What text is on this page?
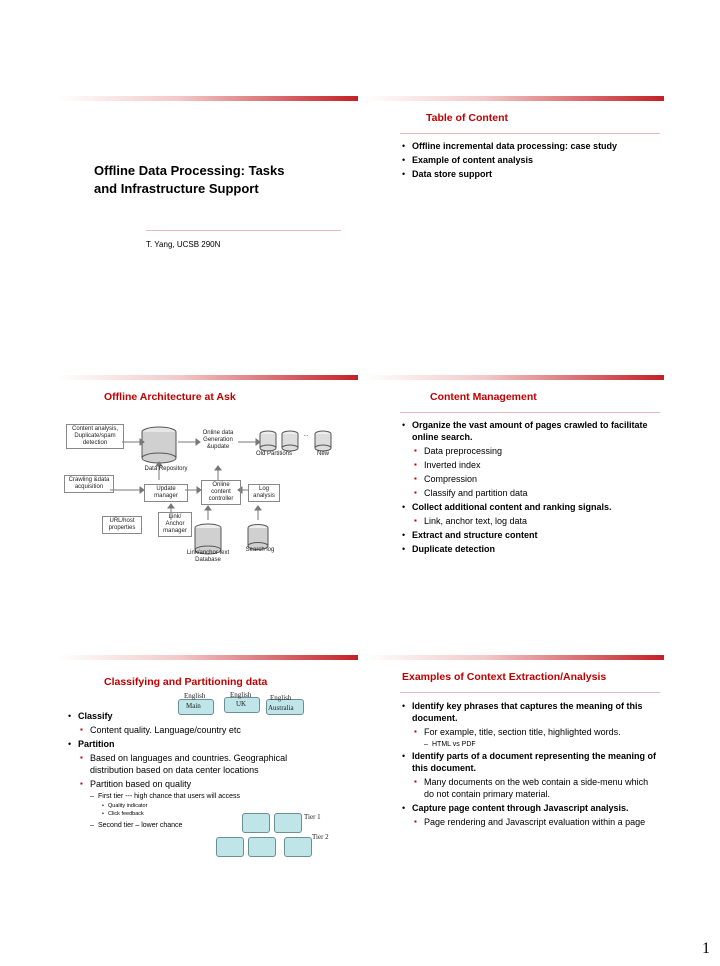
Offline Data Processing: Tasks
and Infrastructure Support
T. Yang, UCSB 290N
Table of Content
• Offline incremental data processing: case study
• Example of content analysis
• Data store support
Offline Architecture at Ask
Content analysis, Duplicate/spam detection
Online data Generation &update
...
Old Partitions	New
Data Repository
Crawling &data acquisition	Update manager
Online content controller
Log analysis
URL/host properties
Link/ Anchor manager
Link/anchor text Database
Search log
Content Management
• Organize the vast amount of pages crawled to facilitate online search.
▪ Data preprocessing
▪ Inverted index
▪ Compression
▪ Classify and partition data
• Collect additional content and ranking signals.
▪ Link, anchor text, log data
• Extract and structure content
• Duplicate detection
Classifying and Partitioning data
English
Main
English
UK
English
Australia
• Classify
▪ Content quality. Language/country etc
• Partition
▪ Based on languages and countries. Geographical distribution based on data center locations
▪ Partition based on quality
– First tier --- high chance that users will access
• Quality indicator
• Click feedback
– Second tier – lower chance
Tier 1
Tier 2
Examples of Context Extraction/Analysis
• Identify key phrases that captures the meaning of this document.
▪ For example, title, section title, highlighted words.
– HTML vs PDF
• Identify parts of a document representing the meaning of this document.
▪ Many documents on the web contain a side-menu which do not contain primary material.
• Capture page content through Javascript analysis.
▪ Page rendering and Javascript evaluation within a page
1
